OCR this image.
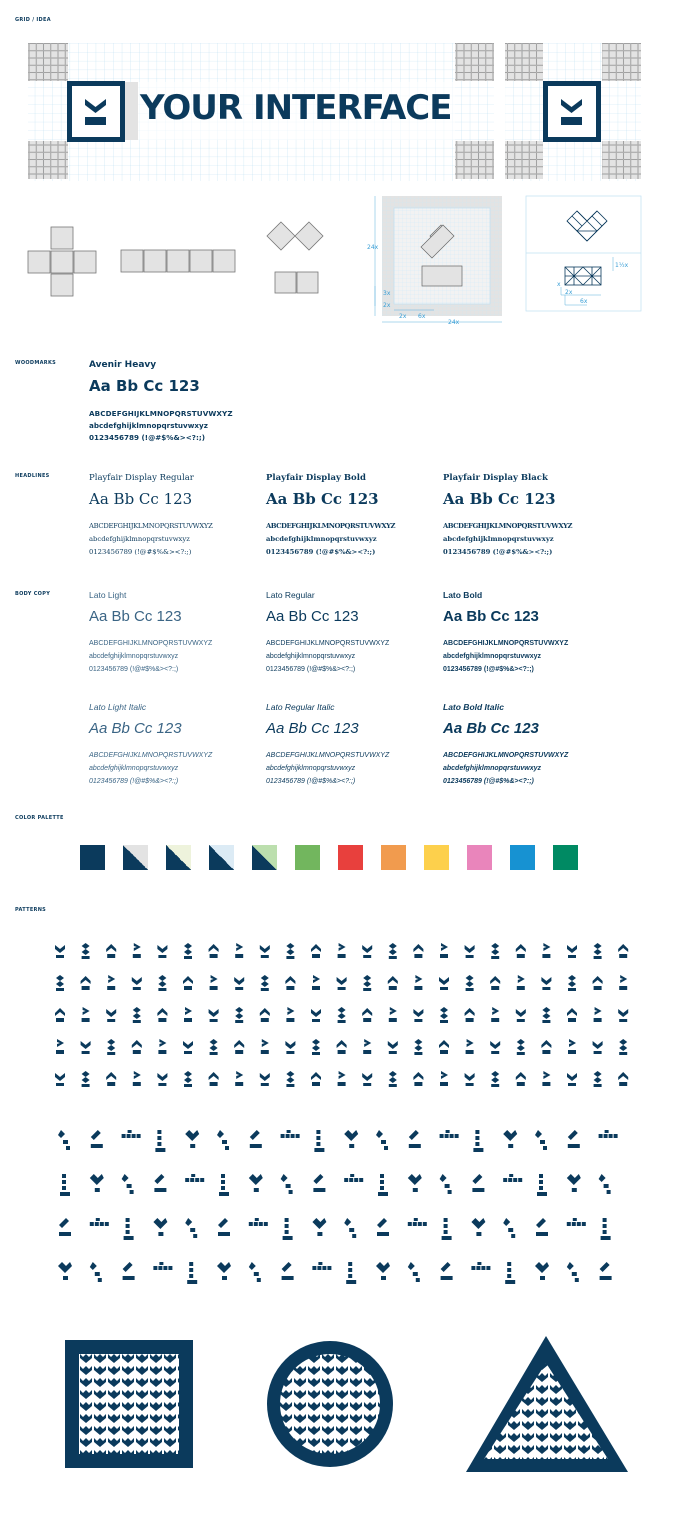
GRID / IDEA
YOUR INTERFACE
24x
3x
2x
2x 6x
24x
1½x
x
2x
6x
WOODMARKS	Avenir Heavy
Aa Bb Cc 123
ABCDEFGHIJKLMNOPQRSTUVWXYZ
abcdefghijklmnopqrstuvwxyz
0123456789 (!@#$%&><?:;)
HEADLINES	Playfair Display Regular
Aa Bb Cc 123
ABCDEFGHIJKLMNOPQRSTUVWXYZ
abcdefghijklmnopqrstuvwxyz
0123456789 (!@#$%&><?:;)
Playfair Display Bold
Aa Bb Cc 123
ABCDEFGHIJKLMNOPQRSTUVWXYZ
abcdefghijklmnopqrstuvwxyz
0123456789 (!@#$%&><?:;)
Playfair Display Black
Aa Bb Cc 123
ABCDEFGHIJKLMNOPQRSTUVWXYZ
abcdefghijklmnopqrstuvwxyz
0123456789 (!@#$%&><?:;)
BODY COPY	Lato Light
Aa Bb Cc 123
ABCDEFGHIJKLMNOPQRSTUVWXYZ
abcdefghijklmnopqrstuvwxyz
0123456789 (!@#$%&><?:;)
Lato Regular
Aa Bb Cc 123
ABCDEFGHIJKLMNOPQRSTUVWXYZ
abcdefghijklmnopqrstuvwxyz
0123456789 (!@#$%&><?:;)
Lato Bold
Aa Bb Cc 123
ABCDEFGHIJKLMNOPQRSTUVWXYZ
abcdefghijklmnopqrstuvwxyz
0123456789 (!@#$%&><?:;)
Lato Light Italic
Aa Bb Cc 123
ABCDEFGHIJKLMNOPQRSTUVWXYZ
abcdefghijklmnopqrstuvwxyz
0123456789 (!@#$%&><?:;)
Lato Regular Italic
Aa Bb Cc 123
ABCDEFGHIJKLMNOPQRSTUVWXYZ
abcdefghijklmnopqrstuvwxyz
0123456789 (!@#$%&><?:;)
Lato Bold Italic
Aa Bb Cc 123
ABCDEFGHIJKLMNOPQRSTUVWXYZ
abcdefghijklmnopqrstuvwxyz
0123456789 (!@#$%&><?:;)
COLOR PALETTE
PATTERNS
